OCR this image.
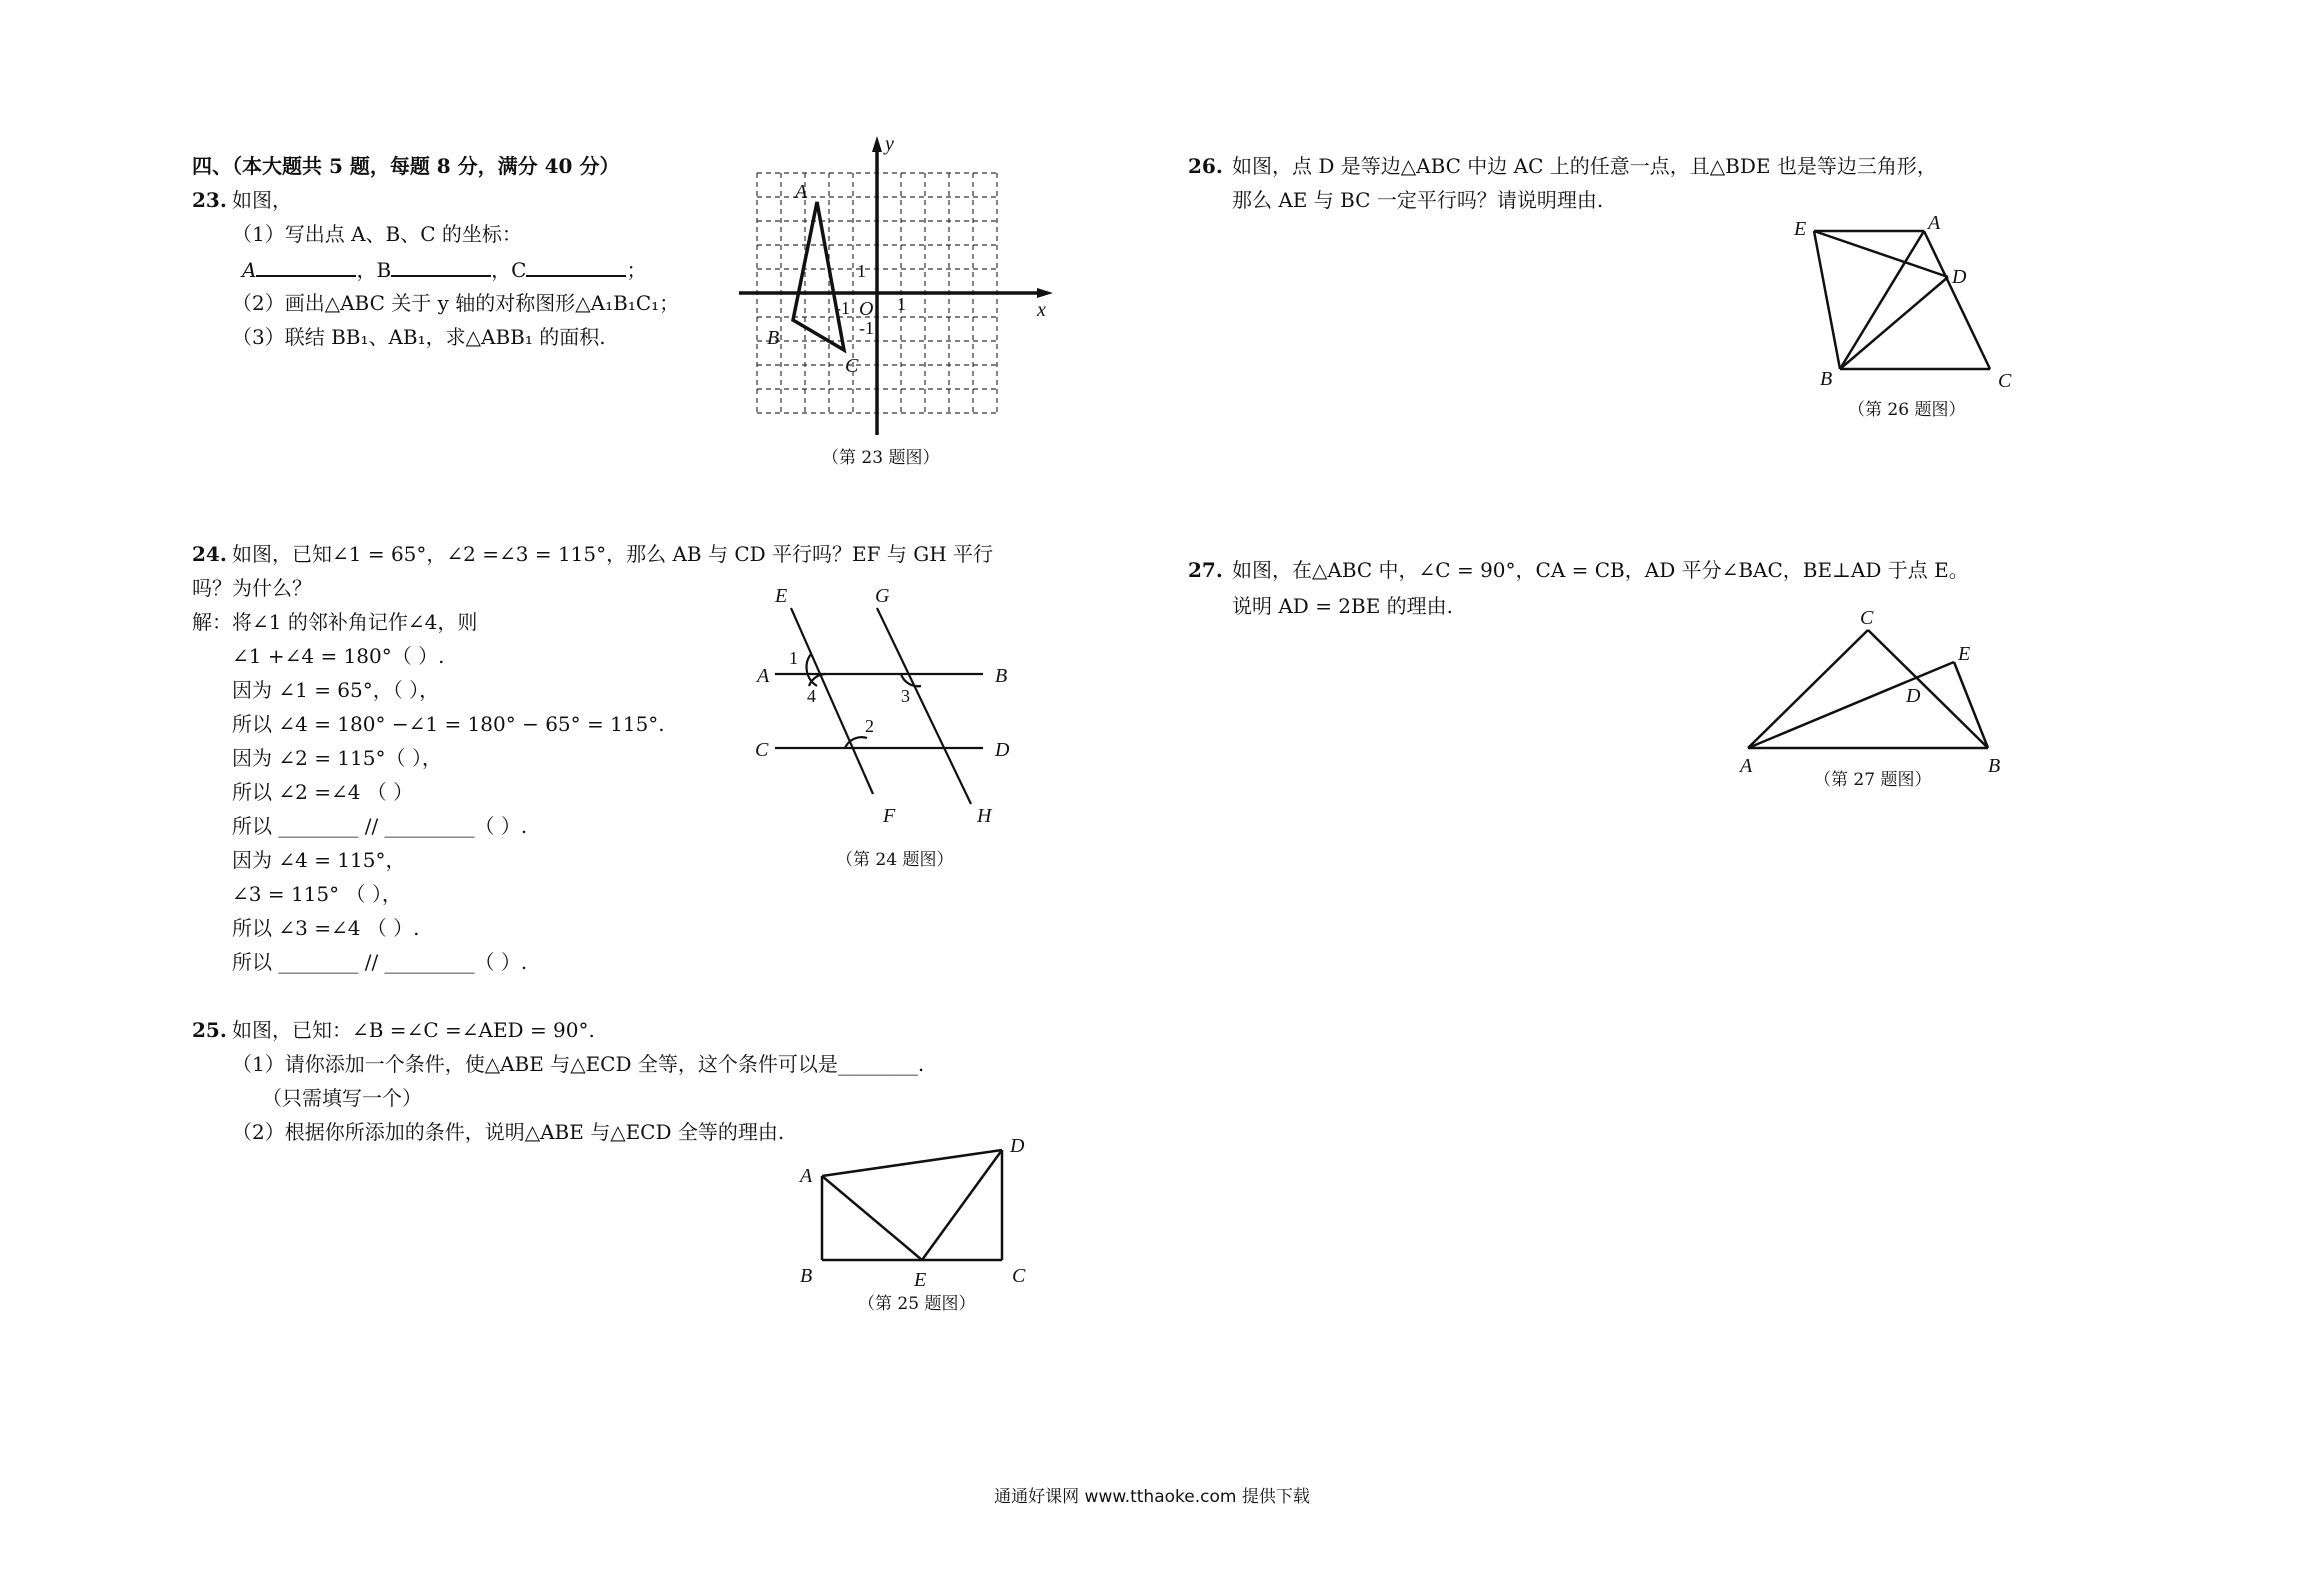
四、（本大题共 5 题，每题 8 分，满分 40 分）
23. 如图，
（1）写出点 A、B、C 的坐标：
A	，B	，C	；
（2）画出△ABC 关于 y 轴的对称图形△A₁B₁C₁；
（3）联结 BB₁、AB₁，求△ABB₁ 的面积.
x
y
O 1
1
-1
-1
A
B
C
（第 23 题图）
24. 如图，已知∠1 = 65°，∠2 =∠3 = 115°，那么 AB 与 CD 平行吗？EF 与 GH 平行
吗？为什么？
解：将∠1 的邻补角记作∠4，则
∠1 +∠4 = 180°（ ）.
因为 ∠1 = 65°，（ ），
所以 ∠4 = 180° −∠1 = 180° − 65° = 115°.
因为 ∠2 = 115°（ ），
所以 ∠2 =∠4 （ ）
所以 ________ // _________（ ）.
因为 ∠4 = 115°，
∠3 = 115° （ ），
所以 ∠3 =∠4 （ ）.
所以 ________ // _________（ ）.
E	G
A	B
C	D
F	H
1
4	3
2
（第 24 题图）
25. 如图，已知：∠B =∠C =∠AED = 90°.
（1）请你添加一个条件，使△ABE 与△ECD 全等，这个条件可以是________.
（只需填写一个）
（2）根据你所添加的条件，说明△ABE 与△ECD 全等的理由.
A
B	C
D
E
（第 25 题图）
26. 如图，点 D 是等边△ABC 中边 AC 上的任意一点，且△BDE 也是等边三角形，
那么 AE 与 BC 一定平行吗？请说明理由.
E	A
D
B	C
（第 26 题图）
27. 如图，在△ABC 中，∠C = 90°，CA = CB，AD 平分∠BAC，BE⊥AD 于点 E。
说明 AD = 2BE 的理由.	C
E
D
A	B
（第 27 题图）
通通好课网 www.tthaoke.com 提供下载
